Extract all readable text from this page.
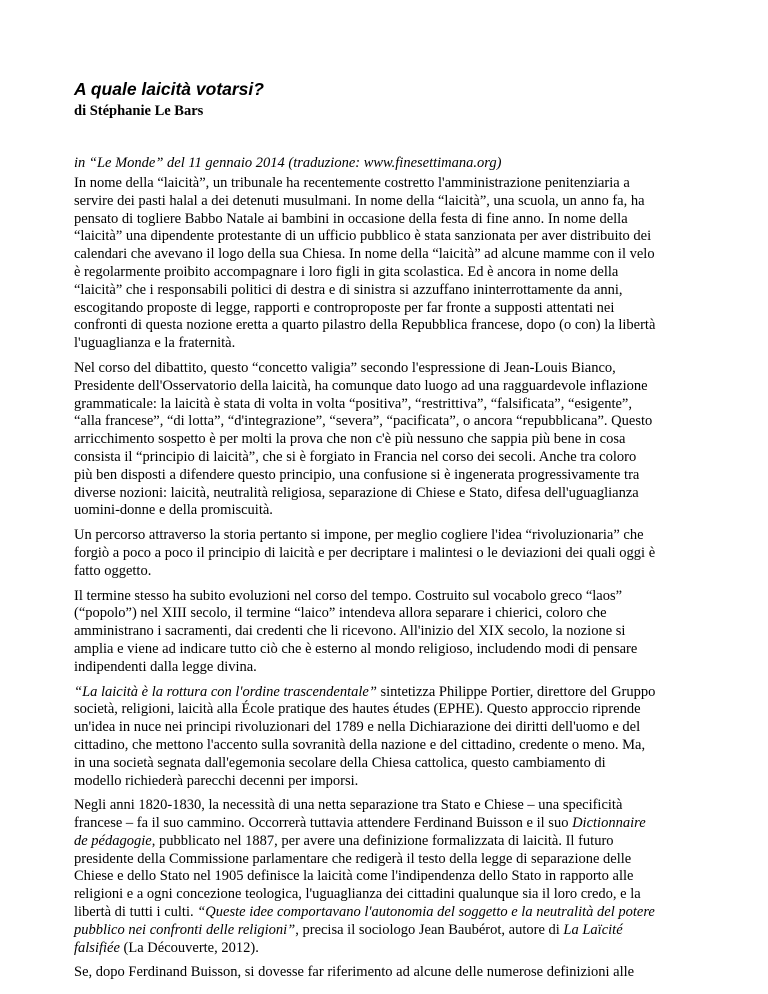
A quale laicità votarsi?
di Stéphanie Le Bars
in “Le Monde” del 11 gennaio 2014 (traduzione: www.finesettimana.org)

In nome della “laicità”, un tribunale ha recentemente costretto l'amministrazione penitenziaria a
servire dei pasti halal a dei detenuti musulmani. In nome della “laicità”, una scuola, un anno fa, ha
pensato di togliere Babbo Natale ai bambini in occasione della festa di fine anno. In nome della
“laicità” una dipendente protestante di un ufficio pubblico è stata sanzionata per aver distribuito dei
calendari che avevano il logo della sua Chiesa. In nome della “laicità” ad alcune mamme con il velo
è regolarmente proibito accompagnare i loro figli in gita scolastica. Ed è ancora in nome della
“laicità” che i responsabili politici di destra e di sinistra si azzuffano ininterrottamente da anni,
escogitando proposte di legge, rapporti e controproposte per far fronte a supposti attentati nei
confronti di questa nozione eretta a quarto pilastro della Repubblica francese, dopo (o con) la libertà
l'uguaglianza e la fraternità.

Nel corso del dibattito, questo “concetto valigia” secondo l'espressione di Jean-Louis Bianco,
Presidente dell'Osservatorio della laicità, ha comunque dato luogo ad una ragguardevole inflazione
grammaticale: la laicità è stata di volta in volta “positiva”, “restrittiva”, “falsificata”, “esigente”,
“alla francese”, “di lotta”, “d'integrazione”, “severa”, “pacificata”, o ancora “repubblicana”. Questo
arricchimento sospetto è per molti la prova che non c'è più nessuno che sappia più bene in cosa
consista il “principio di laicità”, che si è forgiato in Francia nel corso dei secoli. Anche tra coloro
più ben disposti a difendere questo principio, una confusione si è ingenerata progressivamente tra
diverse nozioni: laicità, neutralità religiosa, separazione di Chiese e Stato, difesa dell'uguaglianza
uomini-donne e della promiscuità.

Un percorso attraverso la storia pertanto si impone, per meglio cogliere l'idea “rivoluzionaria” che
forgiò a poco a poco il principio di laicità e per decriptare i malintesi o le deviazioni dei quali oggi è
fatto oggetto.

Il termine stesso ha subito evoluzioni nel corso del tempo. Costruito sul vocabolo greco “laos”
(“popolo”) nel XIII secolo, il termine “laico” intendeva allora separare i chierici, coloro che
amministrano i sacramenti, dai credenti che li ricevono. All'inizio del XIX secolo, la nozione si
amplia e viene ad indicare tutto ciò che è esterno al mondo religioso, includendo modi di pensare
indipendenti dalla legge divina.

“La laicità è la rottura con l'ordine trascendentale” sintetizza Philippe Portier, direttore del Gruppo
società, religioni, laicità alla École pratique des hautes études (EPHE). Questo approccio riprende
un'idea in nuce nei principi rivoluzionari del 1789 e nella Dichiarazione dei diritti dell'uomo e del
cittadino, che mettono l'accento sulla sovranità della nazione e del cittadino, credente o meno. Ma,
in una società segnata dall'egemonia secolare della Chiesa cattolica, questo cambiamento di
modello richiederà parecchi decenni per imporsi.

Negli anni 1820-1830, la necessità di una netta separazione tra Stato e Chiese – una specificità
francese – fa il suo cammino. Occorrerà tuttavia attendere Ferdinand Buisson e il suo Dictionnaire
de pédagogie, pubblicato nel 1887, per avere una definizione formalizzata di laicità. Il futuro
presidente della Commissione parlamentare che redigerà il testo della legge di separazione delle
Chiese e dello Stato nel 1905 definisce la laicità come l'indipendenza dello Stato in rapporto alle
religioni e a ogni concezione teologica, l'uguaglianza dei cittadini qualunque sia il loro credo, e la
libertà di tutti i culti. “Queste idee comportavano l'autonomia del soggetto e la neutralità del potere
pubblico nei confronti delle religioni”, precisa il sociologo Jean Baubérot, autore di La Laïcité
falsifiée (La Découverte, 2012).

Se, dopo Ferdinand Buisson, si dovesse far riferimento ad alcune delle numerose definizioni alle
